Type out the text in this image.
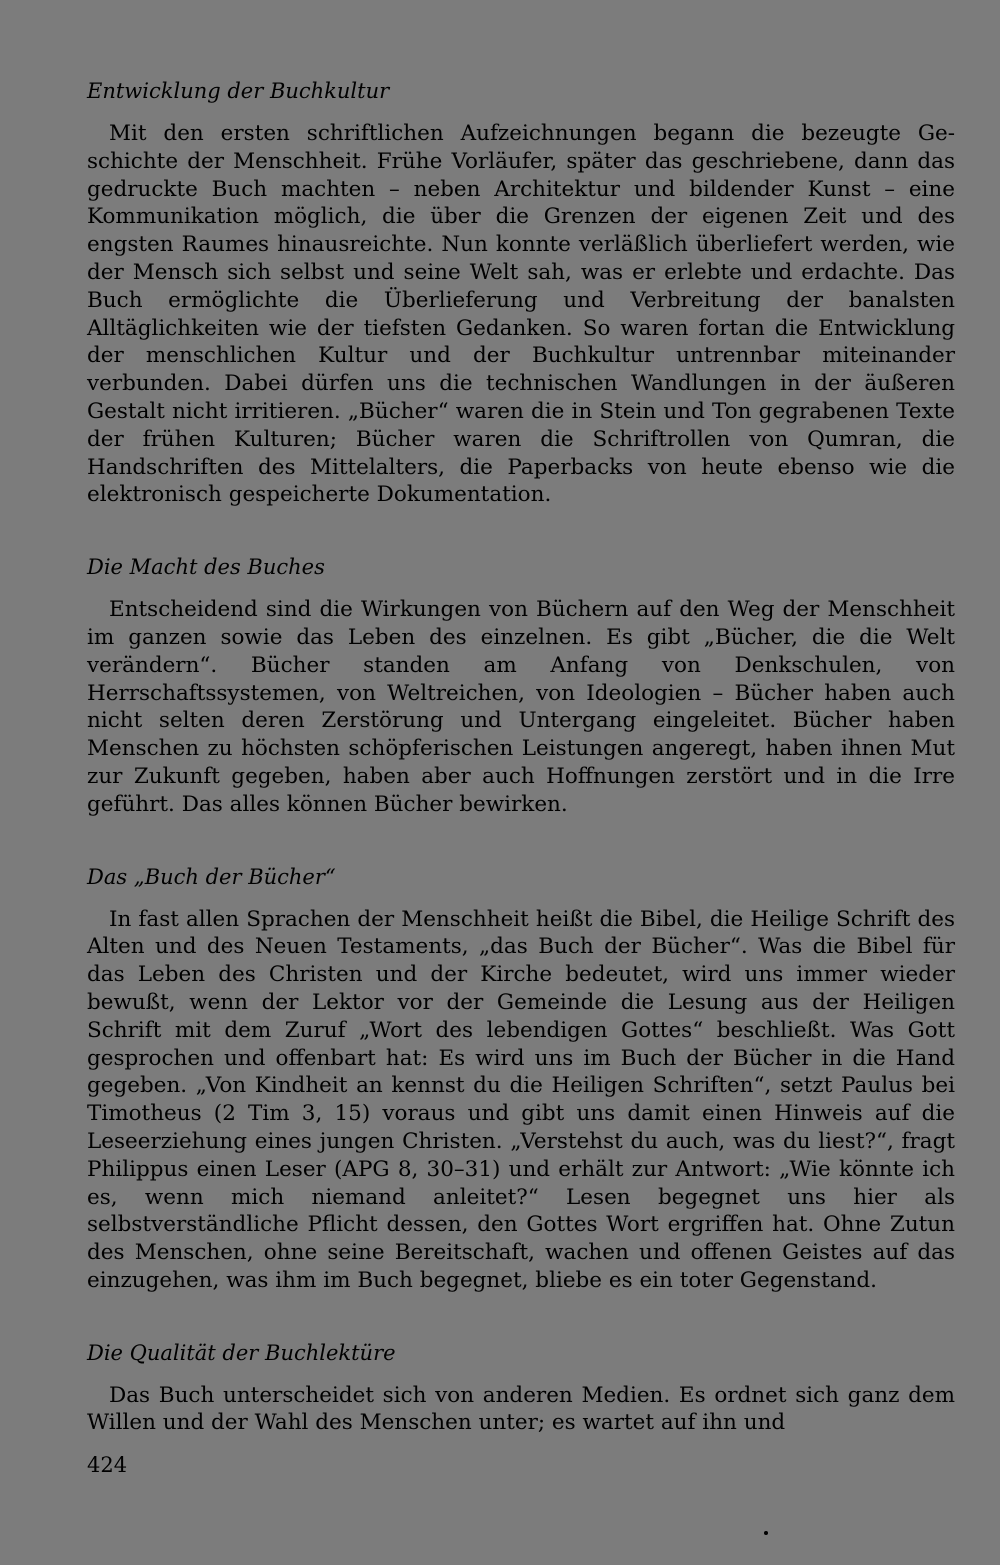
Entwicklung der Buchkultur

Mit den ersten schriftlichen Aufzeichnungen begann die bezeugte Geschichte der Menschheit. Frühe Vorläufer, später das geschriebene, dann das gedruckte Buch machten – neben Architektur und bildender Kunst – eine Kommunikation möglich, die über die Grenzen der eigenen Zeit und des engsten Raumes hinausreichte. Nun konnte verläßlich überliefert werden, wie der Mensch sich selbst und seine Welt sah, was er erlebte und erdachte. Das Buch ermöglichte die Überlieferung und Verbreitung der banalsten Alltäglichkeiten wie der tiefsten Gedanken. So waren fortan die Entwicklung der menschlichen Kultur und der Buchkultur untrennbar miteinander verbunden. Dabei dürfen uns die technischen Wandlungen in der äußeren Gestalt nicht irritieren. „Bücher“ waren die in Stein und Ton gegrabenen Texte der frühen Kulturen; Bücher waren die Schriftrollen von Qumran, die Handschriften des Mittelalters, die Paperbacks von heute ebenso wie die elektronisch gespeicherte Dokumentation.

Die Macht des Buches

Entscheidend sind die Wirkungen von Büchern auf den Weg der Menschheit im ganzen sowie das Leben des einzelnen. Es gibt „Bücher, die die Welt verändern“. Bücher standen am Anfang von Denkschulen, von Herrschaftssystemen, von Weltreichen, von Ideologien – Bücher haben auch nicht selten deren Zerstörung und Untergang eingeleitet. Bücher haben Menschen zu höchsten schöpferischen Leistungen angeregt, haben ihnen Mut zur Zukunft gegeben, haben aber auch Hoffnungen zerstört und in die Irre geführt. Das alles können Bücher bewirken.

Das „Buch der Bücher“

In fast allen Sprachen der Menschheit heißt die Bibel, die Heilige Schrift des Alten und des Neuen Testaments, „das Buch der Bücher“. Was die Bibel für das Leben des Christen und der Kirche bedeutet, wird uns immer wieder bewußt, wenn der Lektor vor der Gemeinde die Lesung aus der Heiligen Schrift mit dem Zuruf „Wort des lebendigen Gottes“ beschließt. Was Gott gesprochen und offenbart hat: Es wird uns im Buch der Bücher in die Hand gegeben. „Von Kindheit an kennst du die Heiligen Schriften“, setzt Paulus bei Timotheus (2 Tim 3, 15) voraus und gibt uns damit einen Hinweis auf die Leseerziehung eines jungen Christen. „Verstehst du auch, was du liest?“, fragt Philippus einen Leser (APG 8, 30–31) und erhält zur Antwort: „Wie könnte ich es, wenn mich niemand anleitet?“ Lesen begegnet uns hier als selbstverständliche Pflicht dessen, den Gottes Wort ergriffen hat. Ohne Zutun des Menschen, ohne seine Bereitschaft, wachen und offenen Geistes auf das einzugehen, was ihm im Buch begegnet, bliebe es ein toter Gegenstand.

Die Qualität der Buchlektüre

Das Buch unterscheidet sich von anderen Medien. Es ordnet sich ganz dem Willen und der Wahl des Menschen unter; es wartet auf ihn und

424
